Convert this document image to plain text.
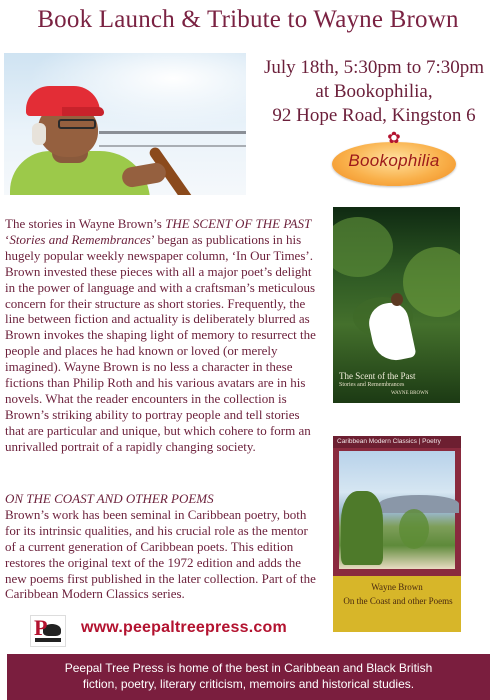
Book Launch & Tribute to Wayne Brown
July 18th, 5:30pm to 7:30pm
at Bookophilia,
92 Hope Road, Kingston 6
✿
Bookophilia
The stories in Wayne Brown’s THE SCENT OF THE PAST ‘Stories and Remembrances’ began as publications in his hugely popular weekly newspaper column, ‘In Our Times’. Brown invested these pieces with all a major poet’s delight in the power of language and with a craftsman’s meticulous concern for their structure as short stories. Frequently, the line between fiction and actuality is deliberately blurred as Brown invokes the shaping light of memory to resurrect the people and places he had known or loved (or merely imagined). Wayne Brown is no less a character in these fictions than Philip Roth and his various avatars are in his novels. What the reader encounters in the collection is Brown’s striking ability to portray people and tell stories that are particular and unique, but which cohere to form an unrivalled portrait of a rapidly changing society.
ON THE COAST AND OTHER POEMS
Brown’s work has been seminal in Caribbean poetry, both for its intrinsic qualities, and his crucial role as the mentor of a current generation of Caribbean poets. This edition restores the original text of the 1972 edition and adds the new poems first published in the later collection. Part of the Caribbean Modern Classics series.
The Scent of the Past
Stories and Remembrances
WAYNE BROWN
Caribbean Modern Classics | Poetry
Wayne Brown
On the Coast and other Poems
P www.peepaltreepress.com
Peepal Tree Press is home of the best in Caribbean and Black British
fiction, poetry, literary criticism, memoirs and historical studies.
